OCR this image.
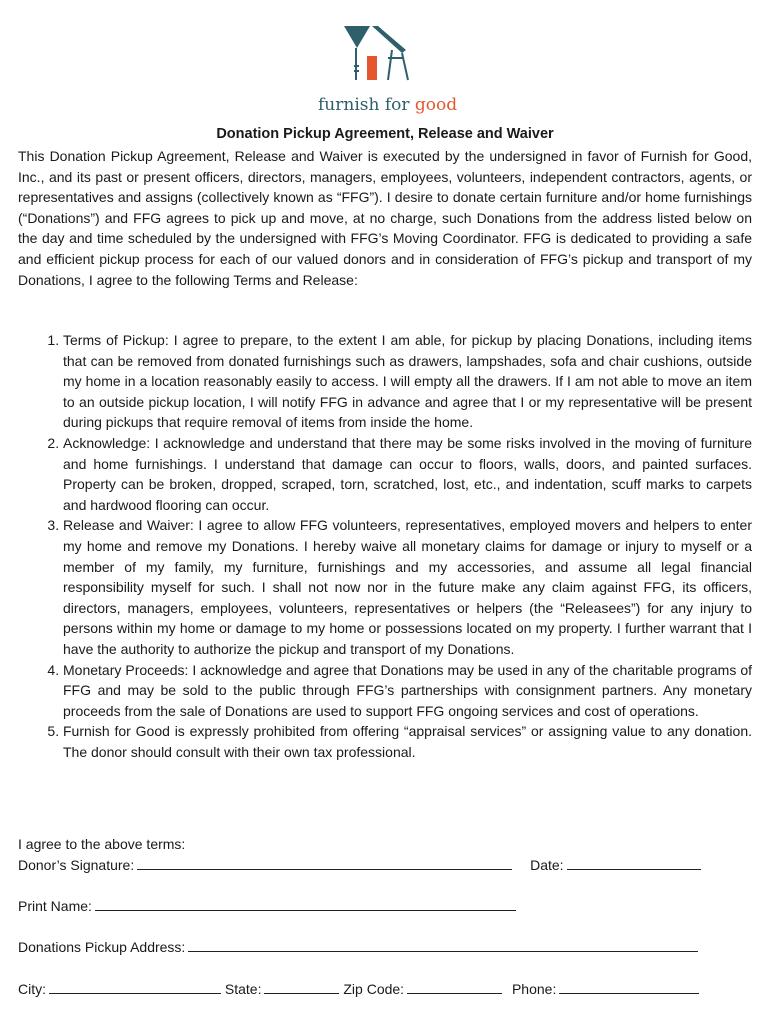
furnish for good
Donation Pickup Agreement, Release and Waiver

This Donation Pickup Agreement, Release and Waiver is executed by the undersigned in favor of Furnish for Good, Inc., and its past or present officers, directors, managers, employees, volunteers, independent contractors, agents, or representatives and assigns (collectively known as “FFG”). I desire to donate certain furniture and/or home furnishings (“Donations”) and FFG agrees to pick up and move, at no charge, such Donations from the address listed below on the day and time scheduled by the undersigned with FFG’s Moving Coordinator. FFG is dedicated to providing a safe and efficient pickup process for each of our valued donors and in consideration of FFG’s pickup and transport of my Donations, I agree to the following Terms and Release:

1. Terms of Pickup: I agree to prepare, to the extent I am able, for pickup by placing Donations, including items that can be removed from donated furnishings such as drawers, lampshades, sofa and chair cushions, outside my home in a location reasonably easily to access. I will empty all the drawers. If I am not able to move an item to an outside pickup location, I will notify FFG in advance and agree that I or my representative will be present during pickups that require removal of items from inside the home.
2. Acknowledge: I acknowledge and understand that there may be some risks involved in the moving of furniture and home furnishings. I understand that damage can occur to floors, walls, doors, and painted surfaces. Property can be broken, dropped, scraped, torn, scratched, lost, etc., and indentation, scuff marks to carpets and hardwood flooring can occur.
3. Release and Waiver: I agree to allow FFG volunteers, representatives, employed movers and helpers to enter my home and remove my Donations. I hereby waive all monetary claims for damage or injury to myself or a member of my family, my furniture, furnishings and my accessories, and assume all legal financial responsibility myself for such. I shall not now nor in the future make any claim against FFG, its officers, directors, managers, employees, volunteers, representatives or helpers (the “Releasees”) for any injury to persons within my home or damage to my home or possessions located on my property. I further warrant that I have the authority to authorize the pickup and transport of my Donations.
4. Monetary Proceeds: I acknowledge and agree that Donations may be used in any of the charitable programs of FFG and may be sold to the public through FFG’s partnerships with consignment partners. Any monetary proceeds from the sale of Donations are used to support FFG ongoing services and cost of operations.
5. Furnish for Good is expressly prohibited from offering “appraisal services” or assigning value to any donation. The donor should consult with their own tax professional.
I agree to the above terms:
Donor’s Signature:	Date:
Print Name:
Donations Pickup Address:
City:	State:	Zip Code:	Phone:
